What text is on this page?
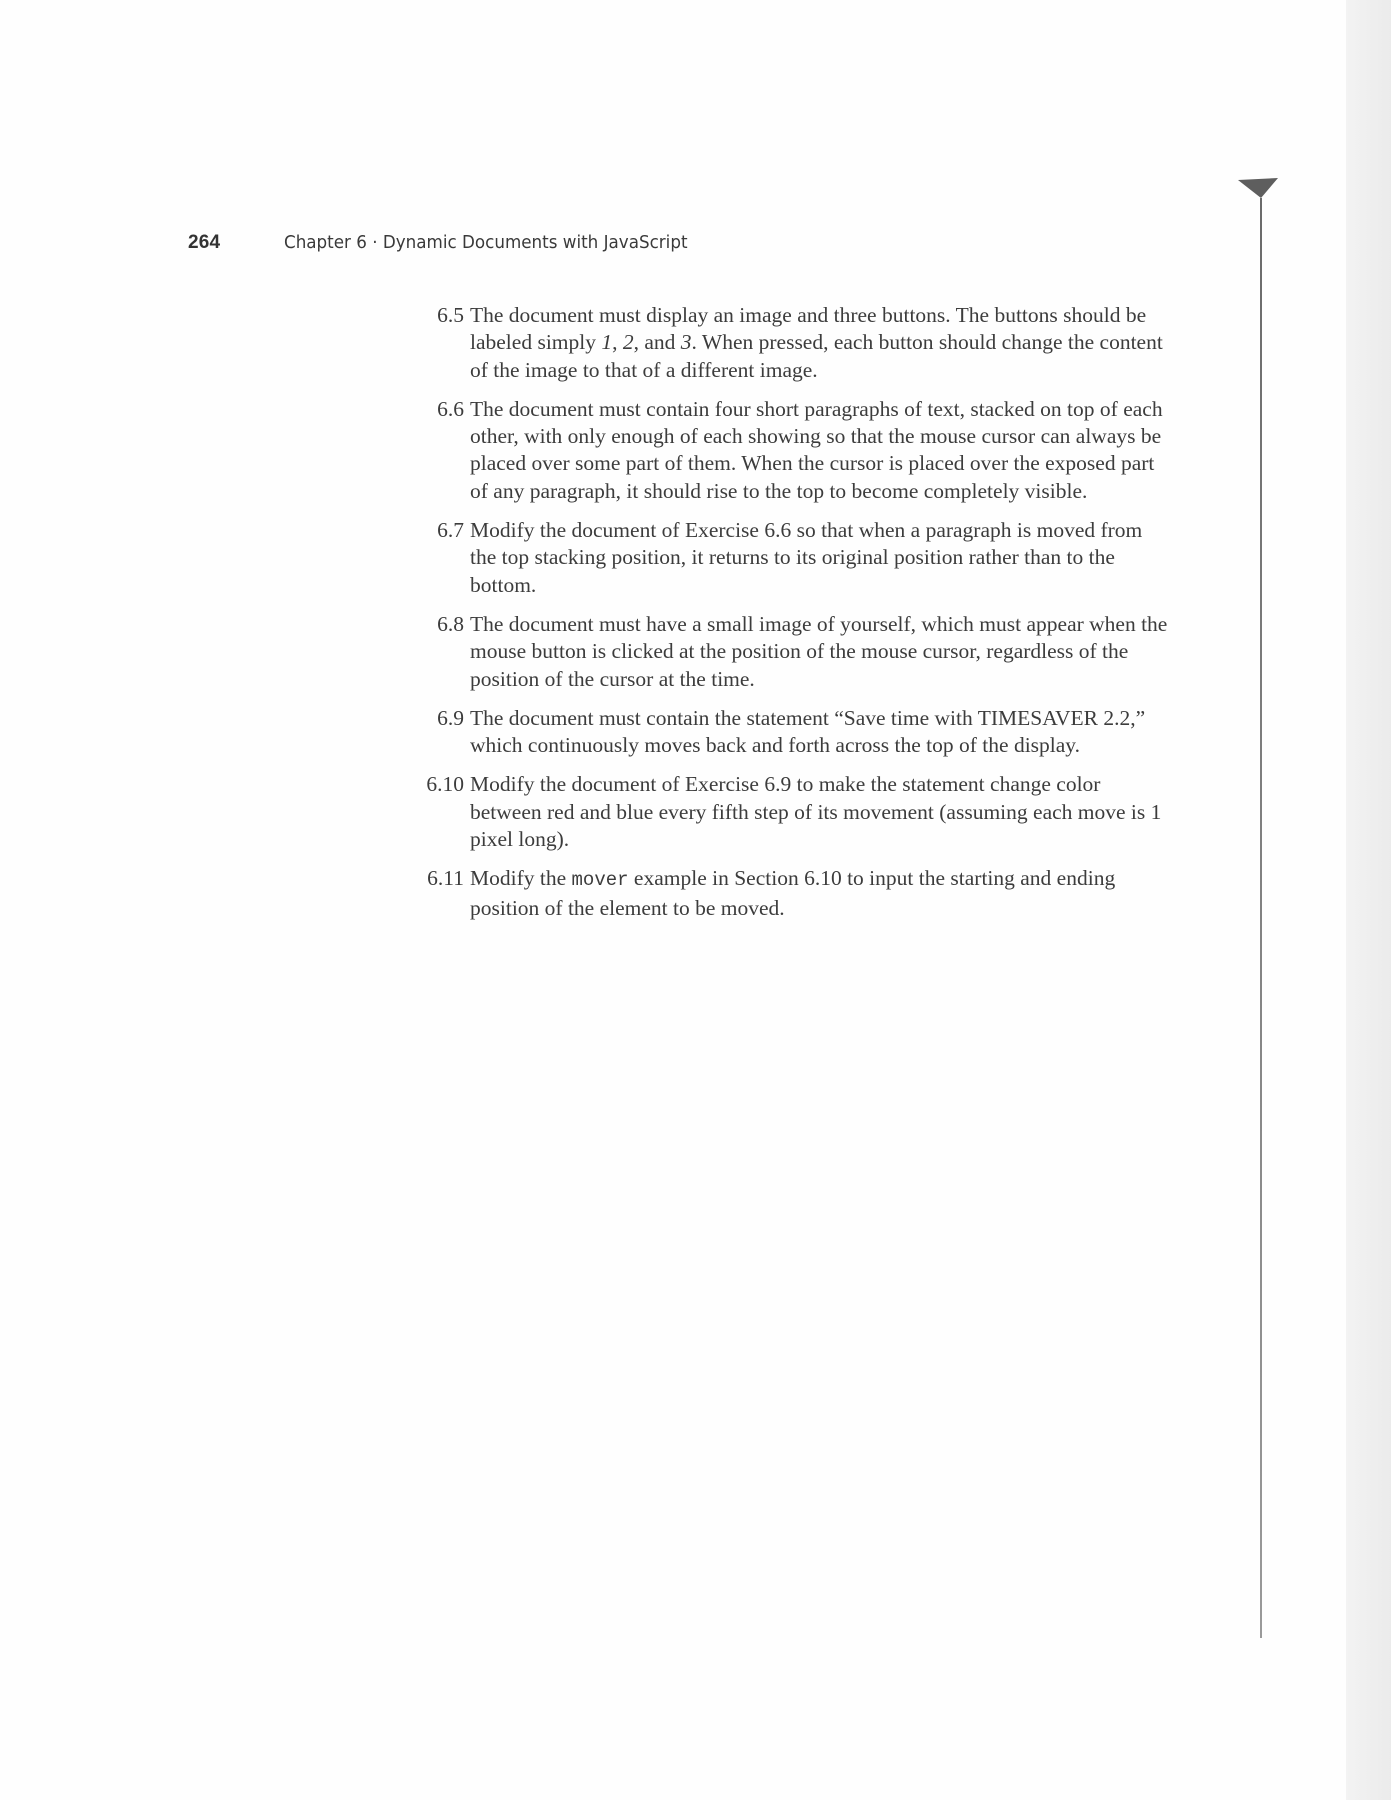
264	Chapter 6 · Dynamic Documents with JavaScript
6.5 The document must display an image and three buttons. The buttons should be labeled simply 1, 2, and 3. When pressed, each button should change the content of the image to that of a different image.
6.6 The document must contain four short paragraphs of text, stacked on top of each other, with only enough of each showing so that the mouse cursor can always be placed over some part of them. When the cursor is placed over the exposed part of any paragraph, it should rise to the top to become completely visible.
6.7 Modify the document of Exercise 6.6 so that when a paragraph is moved from the top stacking position, it returns to its original position rather than to the bottom.
6.8 The document must have a small image of yourself, which must appear when the mouse button is clicked at the position of the mouse cursor, regardless of the position of the cursor at the time.
6.9 The document must contain the statement “Save time with TIMESAVER 2.2,” which continuously moves back and forth across the top of the display.
6.10 Modify the document of Exercise 6.9 to make the statement change color between red and blue every fifth step of its movement (assuming each move is 1 pixel long).
6.11 Modify the mover example in Section 6.10 to input the starting and ending position of the element to be moved.
